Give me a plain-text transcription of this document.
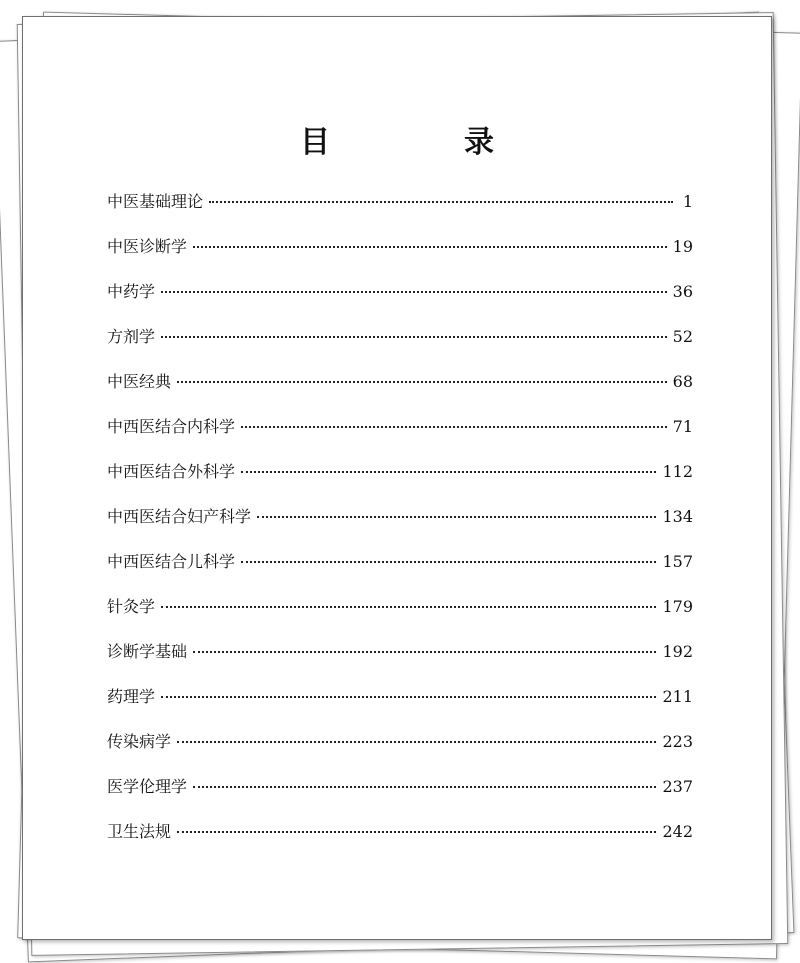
目　录
中医基础理论	1
中医诊断学	19
中药学	36
方剂学	52
中医经典	68
中西医结合内科学	71
中西医结合外科学	112
中西医结合妇产科学	134
中西医结合儿科学	157
针灸学	179
诊断学基础	192
药理学	211
传染病学	223
医学伦理学	237
卫生法规	242
